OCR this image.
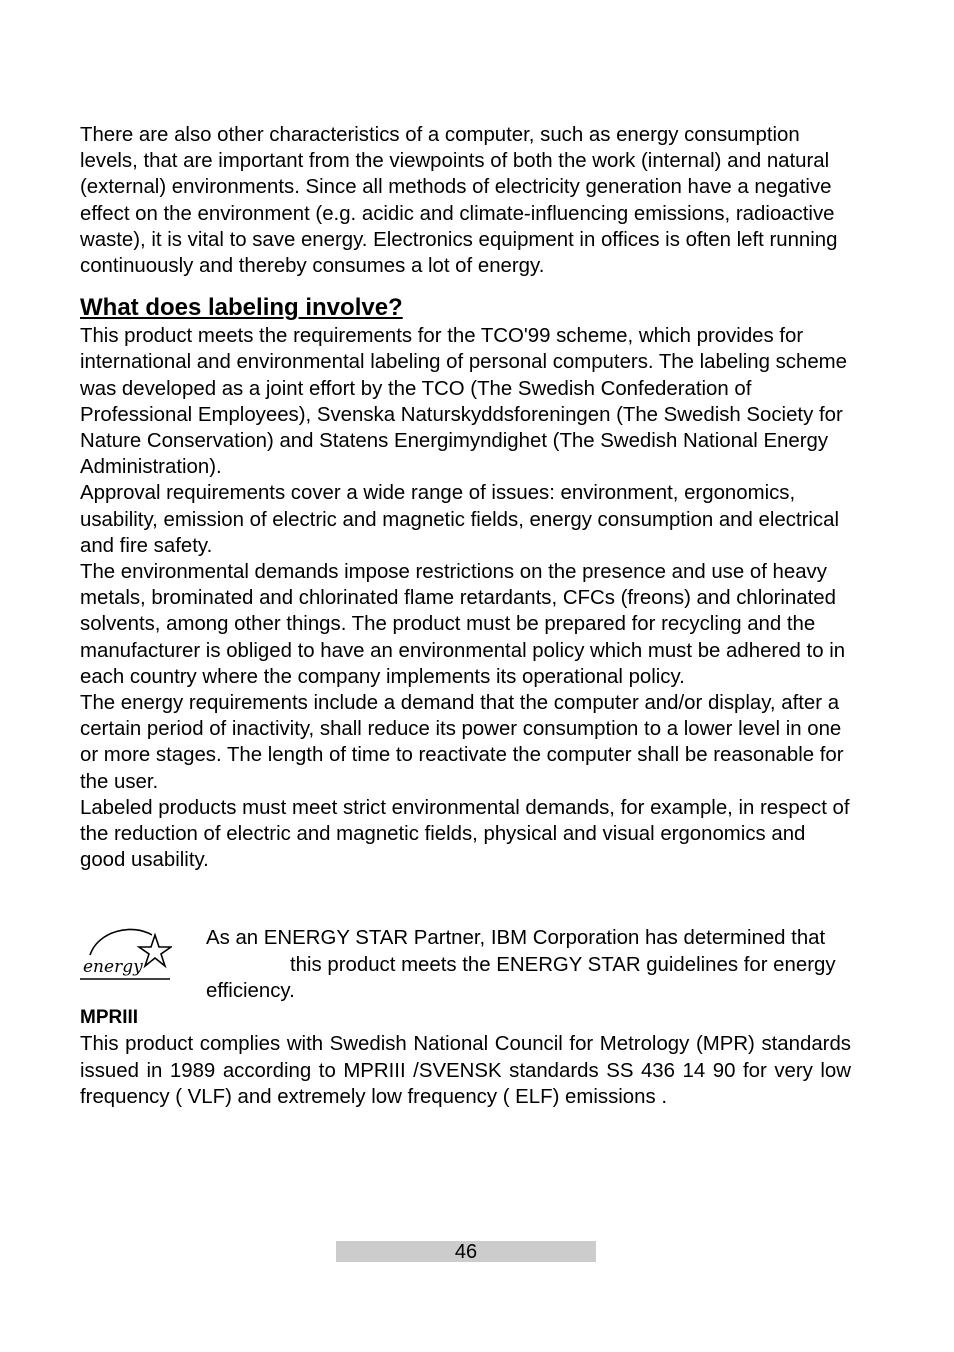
There are also other characteristics of a computer, such as energy consumption levels, that are important from the viewpoints of both the work (internal) and natural (external) environments. Since all methods of electricity generation have a negative effect on the environment (e.g. acidic and climate-influencing emissions, radioactive waste), it is vital to save energy. Electronics equipment in offices is often left running continuously and thereby consumes a lot of energy.

What does labeling involve?

This product meets the requirements for the TCO'99 scheme, which provides for international and environmental labeling of personal computers. The labeling scheme was developed as a joint effort by the TCO (The Swedish Confederation of Professional Employees), Svenska Naturskyddsforeningen (The Swedish Society for Nature Conservation) and Statens Energimyndighet (The Swedish National Energy Administration).

Approval requirements cover a wide range of issues: environment, ergonomics, usability, emission of electric and magnetic fields, energy consumption and electrical and fire safety.

The environmental demands impose restrictions on the presence and use of heavy metals, brominated and chlorinated flame retardants, CFCs (freons) and chlorinated solvents, among other things. The product must be prepared for recycling and the manufacturer is obliged to have an environmental policy which must be adhered to in each country where the company implements its operational policy.

The energy requirements include a demand that the computer and/or display, after a certain period of inactivity, shall reduce its power consumption to a lower level in one or more stages. The length of time to reactivate the computer shall be reasonable for the user.

Labeled products must meet strict environmental demands, for example, in respect of the reduction of electric and magnetic fields, physical and visual ergonomics and good usability.

energy

As an ENERGY STAR Partner, IBM Corporation has determined thatthis product meets the ENERGY STAR guidelines for energy efficiency.

MPRIII

This product complies with Swedish National Council for Metrology (MPR) standards issued in 1989 according to MPRIII /SVENSK standards SS 436 14 90 for very low frequency ( VLF) and extremely low frequency ( ELF) emissions .

46
